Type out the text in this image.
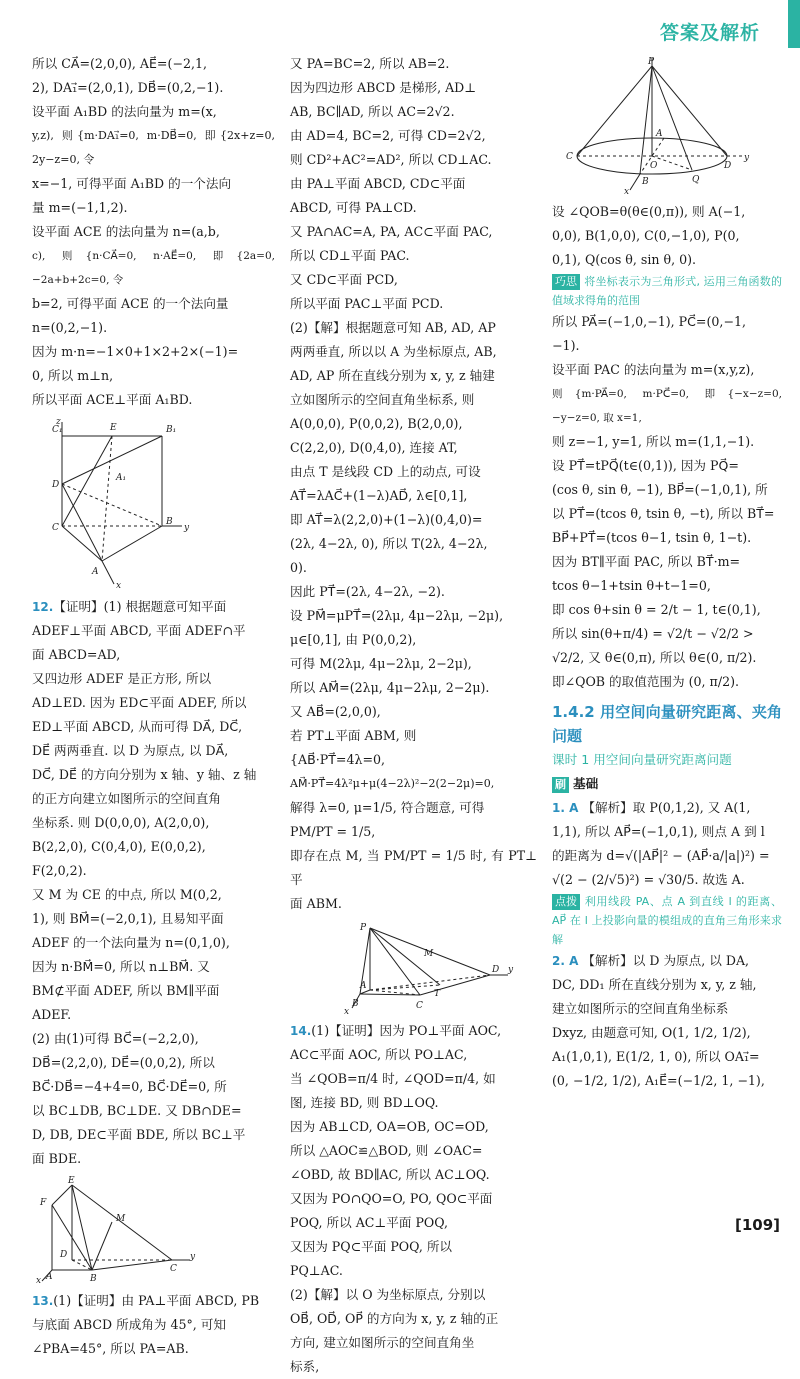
答案及解析

所以 CA⃗=(2,0,0), AE⃗=(−2,1,

2), DA₁⃗=(2,0,1), DB⃗=(0,2,−1).

设平面 A₁BD 的法向量为 m=(x,

y,z), 则{m·DA₁⃗=0, m·DB⃗=0, 即{2x+z=0, 2y−z=0, 令

x=−1, 可得平面 A₁BD 的一个法向

量 m=(−1,1,2).

设平面 ACE 的法向量为 n=(a,b,

c), 则{n·CA⃗=0, n·AE⃗=0, 即{2a=0, −2a+b+2c=0, 令

b=2, 可得平面 ACE 的一个法向量

n=(0,2,−1).

因为 m·n=−1×0+1×2+2×(−1)=

0, 所以 m⊥n,

所以平面 ACE⊥平面 A₁BD.

C₁	E	B₁
D
A₁
C
B
A
y
z
x

12.【证明】(1) 根据题意可知平面

ADEF⊥平面 ABCD, 平面 ADEF∩平

面 ABCD=AD,

又四边形 ADEF 是正方形, 所以

AD⊥ED. 因为 ED⊂平面 ADEF, 所以

ED⊥平面 ABCD, 从而可得 DA⃗, DC⃗,

DE⃗ 两两垂直. 以 D 为原点, 以 DA⃗,

DC⃗, DE⃗ 的方向分别为 x 轴、y 轴、z 轴

的正方向建立如图所示的空间直角

坐标系. 则 D(0,0,0), A(2,0,0),

B(2,2,0), C(0,4,0), E(0,0,2),

F(2,0,2).

又 M 为 CE 的中点, 所以 M(0,2,

1), 则 BM⃗=(−2,0,1), 且易知平面

ADEF 的一个法向量为 n=(0,1,0),

因为 n·BM⃗=0, 所以 n⊥BM⃗. 又

BM⊄平面 ADEF, 所以 BM∥平面

ADEF.

(2) 由(1)可得 BC⃗=(−2,2,0),

DB⃗=(2,2,0), DE⃗=(0,0,2), 所以

BC⃗·DB⃗=−4+4=0, BC⃗·DE⃗=0, 所

以 BC⊥DB, BC⊥DE. 又 DB∩DE=

D, DB, DE⊂平面 BDE, 所以 BC⊥平

面 BDE.

E
F
M
D
A	B
C
y
x

13.(1)【证明】由 PA⊥平面 ABCD, PB

与底面 ABCD 所成角为 45°, 可知

∠PBA=45°, 所以 PA=AB.

又 PA=BC=2, 所以 AB=2.

因为四边形 ABCD 是梯形, AD⊥

AB, BC∥AD, 所以 AC=2√2.

由 AD=4, BC=2, 可得 CD=2√2,

则 CD²+AC²=AD², 所以 CD⊥AC.

由 PA⊥平面 ABCD, CD⊂平面

ABCD, 可得 PA⊥CD.

又 PA∩AC=A, PA, AC⊂平面 PAC,

所以 CD⊥平面 PAC.

又 CD⊂平面 PCD,

所以平面 PAC⊥平面 PCD.

(2)【解】根据题意可知 AB, AD, AP

两两垂直, 所以以 A 为坐标原点, AB,

AD, AP 所在直线分别为 x, y, z 轴建

立如图所示的空间直角坐标系, 则

A(0,0,0), P(0,0,2), B(2,0,0),

C(2,2,0), D(0,4,0), 连接 AT,

由点 T 是线段 CD 上的动点, 可设

AT⃗=λAC⃗+(1−λ)AD⃗, λ∈[0,1],

即 AT⃗=λ(2,2,0)+(1−λ)(0,4,0)=

(2λ, 4−2λ, 0), 所以 T(2λ, 4−2λ,

0).

因此 PT⃗=(2λ, 4−2λ, −2).

设 PM⃗=μPT⃗=(2λμ, 4μ−2λμ, −2μ),

μ∈[0,1], 由 P(0,0,2),

可得 M(2λμ, 4μ−2λμ, 2−2μ),

所以 AM⃗=(2λμ, 4μ−2λμ, 2−2μ).

又 AB⃗=(2,0,0),

若 PT⊥平面 ABM, 则

{AB⃗·PT⃗=4λ=0,

AM⃗·PT⃗=4λ²μ+μ(4−2λ)²−2(2−2μ)=0,

解得 λ=0, μ=1/5, 符合题意, 可得

PM/PT = 1/5,

即存在点 M, 当 PM/PT = 1/5 时, 有 PT⊥平

面 ABM.

P
A
B	C
D
T
M
y
x

14.(1)【证明】因为 PO⊥平面 AOC,

AC⊂平面 AOC, 所以 PO⊥AC,

当 ∠QOB=π/4 时, ∠QOD=π/4, 如

图, 连接 BD, 则 BD⊥OQ.

因为 AB⊥CD, OA=OB, OC=OD,

所以 △AOC≌△BOD, 则 ∠OAC=

∠OBD, 故 BD∥AC, 所以 AC⊥OQ.

又因为 PO∩QO=O, PO, QO⊂平面

POQ, 所以 AC⊥平面 POQ,

又因为 PQ⊂平面 POQ, 所以

PQ⊥AC.

(2)【解】以 O 为坐标原点, 分别以

OB⃗, OD⃗, OP⃗ 的方向为 x, y, z 轴的正

方向, 建立如图所示的空间直角坐

标系,

P
A
C
O	D
y
Q
B
x

设 ∠QOB=θ(θ∈(0,π)), 则 A(−1,

0,0), B(1,0,0), C(0,−1,0), P(0,

0,1), Q(cos θ, sin θ, 0).

巧思 将坐标表示为三角形式, 运用三角函数的值域求得角的范围

所以 PA⃗=(−1,0,−1), PC⃗=(0,−1,

−1).

设平面 PAC 的法向量为 m=(x,y,z),

则{m·PA⃗=0, m·PC⃗=0, 即{−x−z=0, −y−z=0, 取 x=1,

则 z=−1, y=1, 所以 m=(1,1,−1).

设 PT⃗=tPQ⃗(t∈(0,1)), 因为 PQ⃗=

(cos θ, sin θ, −1), BP⃗=(−1,0,1), 所

以 PT⃗=(tcos θ, tsin θ, −t), 所以 BT⃗=

BP⃗+PT⃗=(tcos θ−1, tsin θ, 1−t).

因为 BT∥平面 PAC, 所以 BT⃗·m=

tcos θ−1+tsin θ+t−1=0,

即 cos θ+sin θ = 2/t − 1, t∈(0,1),

所以 sin(θ+π/4) = √2/t − √2/2 >

√2/2, 又 θ∈(0,π), 所以 θ∈(0, π/2).

即∠QOB 的取值范围为 (0, π/2).

1.4.2 用空间向量研究距离、夹角问题

课时 1 用空间向量研究距离问题

刷 基础

1. A 【解析】取 P(0,1,2), 又 A(1,

1,1), 所以 AP⃗=(−1,0,1), 则点 A 到 l

的距离为 d=√(|AP⃗|² − (AP⃗·a/|a|)²) =

√(2 − (2/√5)²) = √30/5. 故选 A.

点拨 利用线段 PA、点 A 到直线 l 的距离、AP⃗ 在 l 上投影向量的模组成的直角三角形来求解

2. A 【解析】以 D 为原点, 以 DA,

DC, DD₁ 所在直线分别为 x, y, z 轴,

建立如图所示的空间直角坐标系

Dxyz, 由题意可知, O(1, 1/2, 1/2),

A₁(1,0,1), E(1/2, 1, 0), 所以 OA₁⃗=

(0, −1/2, 1/2), A₁E⃗=(−1/2, 1, −1),

[109]
